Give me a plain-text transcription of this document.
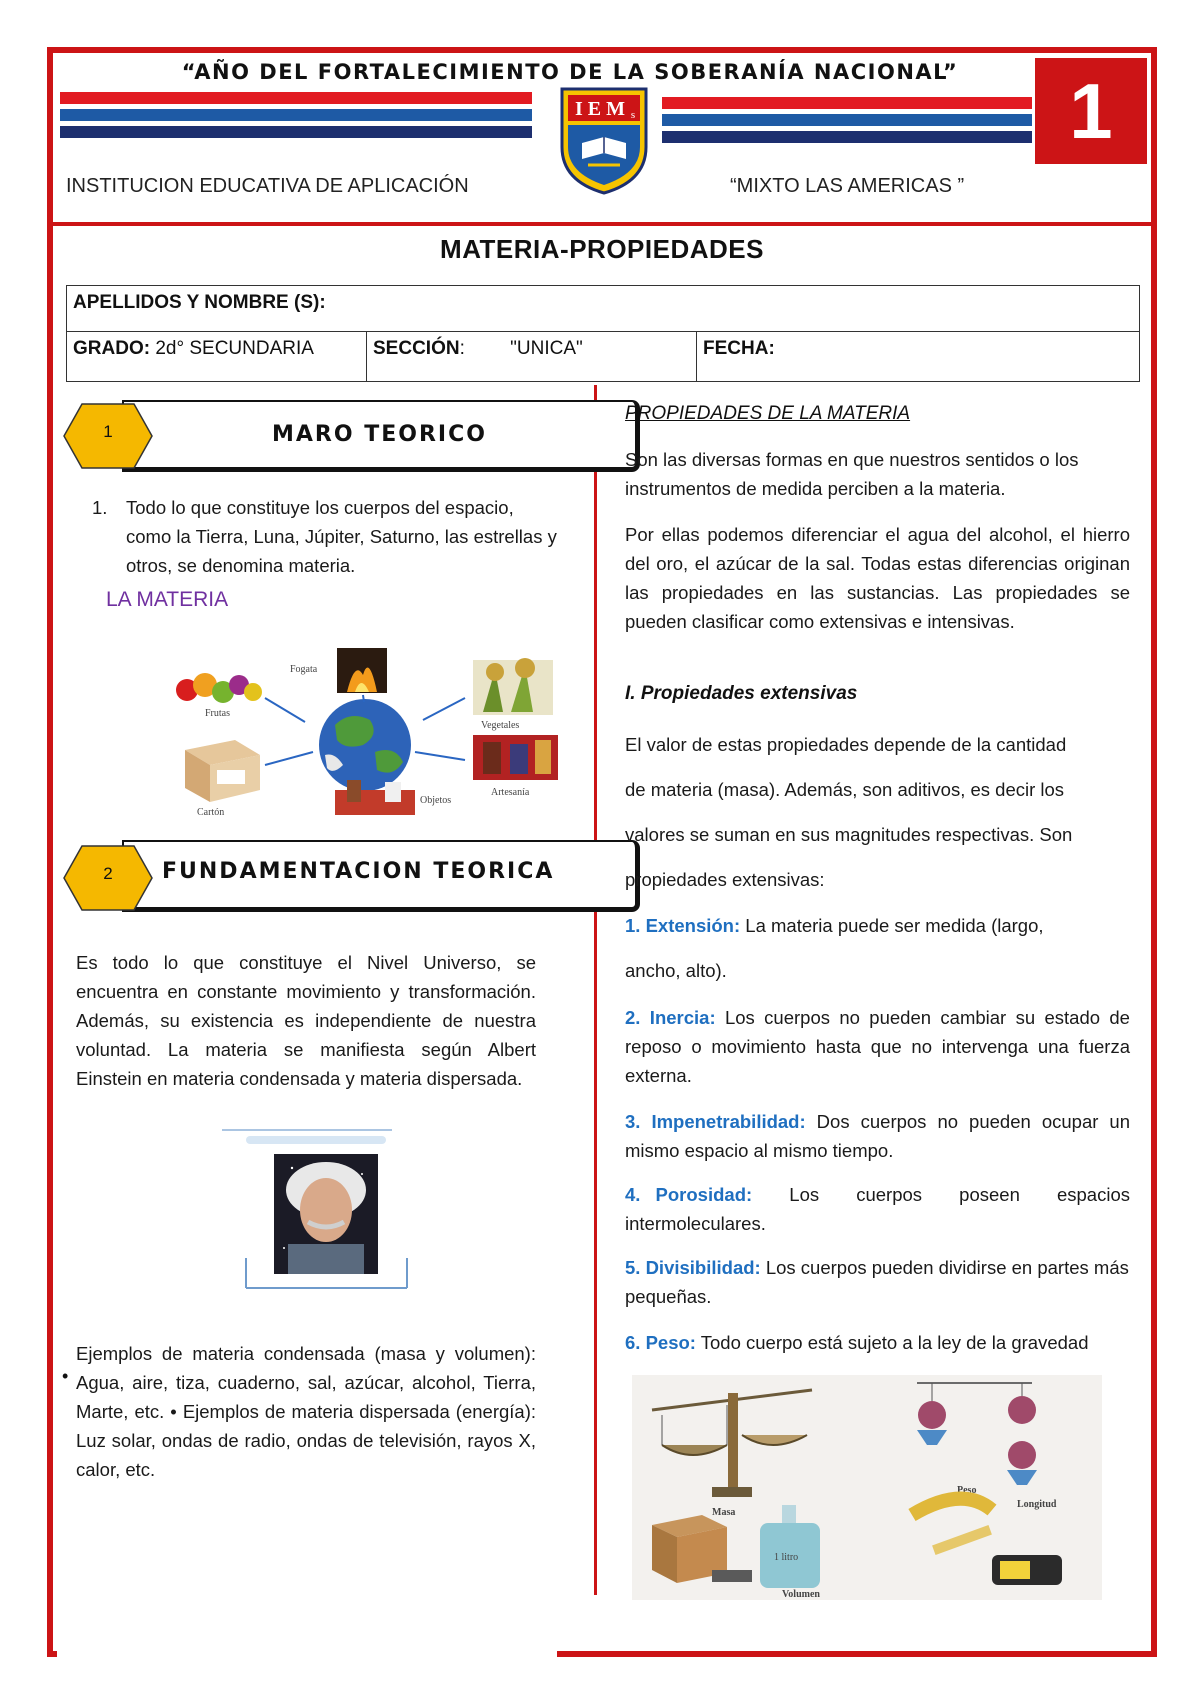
“AÑO DEL FORTALECIMIENTO DE LA SOBERANÍA NACIONAL”	1
I E M s
INSTITUCION EDUCATIVA DE APLICACIÓN	“MIXTO LAS AMERICAS ”
MATERIA-PROPIEDADES
APELLIDOS Y NOMBRE (S):
GRADO: 2d° SECUNDARIA	SECCIÓN: "UNICA"	FECHA:
1	MARO TEORICO
1.	Todo lo que constituye los cuerpos del espacio, como la Tierra, Luna, Júpiter, Saturno, las estrellas y otros, se denomina materia.
LA MATERIA
Fogata
Frutas
Vegetales
Cartón
Objetos
Artesanía
2	FUNDAMENTACION TEORICA
Es todo lo que constituye el Nivel Universo, se encuentra en constante movimiento y transformación. Además, su existencia es independiente de nuestra voluntad. La materia se manifiesta según Albert Einstein en materia condensada y materia dispersada.
•
Ejemplos de materia condensada (masa y volumen): Agua, aire, tiza, cuaderno, sal, azúcar, alcohol, Tierra, Marte, etc. • Ejemplos de materia dispersada (energía): Luz solar, ondas de radio, ondas de televisión, rayos X, calor, etc.
PROPIEDADES DE LA MATERIA
Son las diversas formas en que nuestros sentidos o los instrumentos de medida perciben a la materia.
Por ellas podemos diferenciar el agua del alcohol, el hierro del oro, el azúcar de la sal. Todas estas diferencias originan las propiedades en las sustancias. Las propiedades se pueden clasificar como extensivas e intensivas.
I. Propiedades extensivas
El valor de estas propiedades depende de la cantidad
de materia (masa). Además, son aditivos, es decir los
valores se suman en sus magnitudes respectivas. Son
propiedades extensivas:
1. Extensión: La materia puede ser medida (largo,
ancho, alto).
2. Inercia: Los cuerpos no pueden cambiar su estado de reposo o movimiento hasta que no intervenga una fuerza externa.
3. Impenetrabilidad: Dos cuerpos no pueden ocupar un mismo espacio al mismo tiempo.
4. Porosidad: Los cuerpos poseen espacios intermoleculares.
5. Divisibilidad: Los cuerpos pueden dividirse en partes más pequeñas.
6. Peso: Todo cuerpo está sujeto a la ley de la gravedad
Masa
Peso
1 litro
Volumen
Longitud
